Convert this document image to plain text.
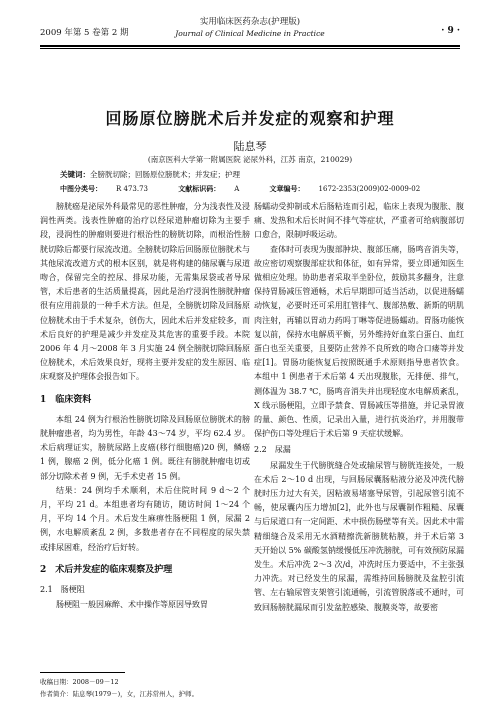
2009 年第 5 卷第 2 期
实用临床医药杂志(护理版)
Journal of Clinical Medicine in Practice	· 9 ·
回肠原位膀胱术后并发症的观察和护理
陆息琴
(南京医科大学第一附属医院 泌尿外科，江苏 南京，210029)
关键词：全膀胱切除；回肠原位膀胱术；并发症；护理
中图分类号： R 473.73	文献标识码： A	文章编号： 1672-2353(2009)02-0009-02

膀胱癌是泌尿外科最常见的恶性肿瘤，分为浅表性及浸润性两类。浅表性肿瘤的治疗以经尿道肿瘤切除为主要手段，浸润性的肿瘤则要进行根治性的膀胱切除，而根治性膀胱切除后都要行尿流改道。全膀胱切除后回肠原位膀胱术与其他尿流改道方式的根本区别，就是将构建的储尿囊与尿道吻合，保留完全的控尿、排尿功能，无需集尿袋或者导尿管，术后患者的生活质量提高，因此是治疗浸润性膀胱肿瘤很有应用前景的一种手术方法。但是，全膀胱切除及回肠原位膀胱术由于手术复杂，创伤大，因此术后并发症较多，而术后良好的护理是减少并发症及其危害的重要手段。本院 2006 年 4 月～2008 年 3 月实施 24 例全膀胱切除回肠原位膀胱术，术后效果良好，现将主要并发症的发生原因、临床观察及护理体会报告如下。

1　临床资料

本组 24 例为行根治性膀胱切除及回肠原位膀胱术的膀胱肿瘤患者，均为男性，年龄 43～74 岁，平均 62.4 岁。术后病理证实，膀胱尿路上皮癌(移行细胞癌)20 例，鳞癌 1 例，腺癌 2 例，低分化癌 1 例。既往有膀胱肿瘤电切或部分切除术者 9 例，无手术史者 15 例。

结果：24 例均手术顺利，术后住院时间 9 d～2 个月，平均 21 d。本组患者均有随访，随访时间 1～24 个月，平均 14 个月。术后发生麻痹性肠梗阻 1 例，尿漏 2 例，水电解质紊乱 2 例，多数患者存在不同程度的尿失禁或排尿困难，经治疗后好转。

2　术后并发症的临床观察及护理
2.1　肠梗阻

肠梗阻一般因麻醉、术中操作等原因导致胃

肠蠕动受抑制或术后肠粘连而引起，临床上表现为腹胀、腹痛、发热和术后长时间不排气等症状，严重者可给病腹部切口愈合，限制呼吸运动。

查体时可表现为腹部肿块、腹部压痛，肠鸣音消失等，故应密切观察腹部症状和体征，如有异常，要立即通知医生做相应处理。协助患者采取半坐卧位，鼓励其多翻身，注意保持胃肠减压管通畅，术后早期即可适当活动，以促进肠蠕动恢复，必要时还可采用肛管排气、腹部热敷、新斯的明肌肉注射，再辅以胃动力药吗丁啉等促进肠蠕动。胃肠功能恢复以前，保持水电解质平衡，另外维持好血浆白蛋白、血红蛋白也至关重要，且要防止营养不良所致的吻合口瘘等并发症[1]。胃肠功能恢复后按照既通手术原则指导患者饮食。本组中 1 例患者于术后第 4 天出现腹胀，无排便、排气，测体温为 38.7 ℃，肠鸣音消失并出现轻度水电解质紊乱，X 线示肠梗阻，立即予禁食、胃肠减压等措施，并记录胃液的量、颜色、性质，记录出入量，进行抗炎治疗，并用腹带保护伤口等处理后于术后第 9 天症状缓解。

2.2　尿漏

尿漏发生于代膀胱缝合处或输尿管与膀胱连接处，一般在术后 2～10 d 出现，与回肠尿囊肠粘液分泌及冲洗代膀胱时压力过大有关，因粘液易堵塞导尿管，引起尿管引流不畅，使尿囊内压力增加[2]，此外也与尿囊制作粗糙、尿囊与后尿道口有一定间距、术中损伤肠壁等有关。因此术中需精细缝合及采用无水酒精擦洗新膀胱粘膜，并于术后第 3 天开始以 5% 碳酸氢钠缓慢低压冲洗膀胱，可有效预防尿漏发生。术后冲洗 2～3 次/d，冲洗时压力要适中，不主张强力冲洗。对已经发生的尿漏，需维持回肠膀胱及盆腔引流管、左右输尿管支架管引流通畅，引流管脱落或不通时，可致回肠膀胱漏尿而引发盆腔感染、腹膜炎等，故要密

收稿日期：2008－09－12
作者简介：陆息琴(1979－)，女，江苏常州人，护师。
